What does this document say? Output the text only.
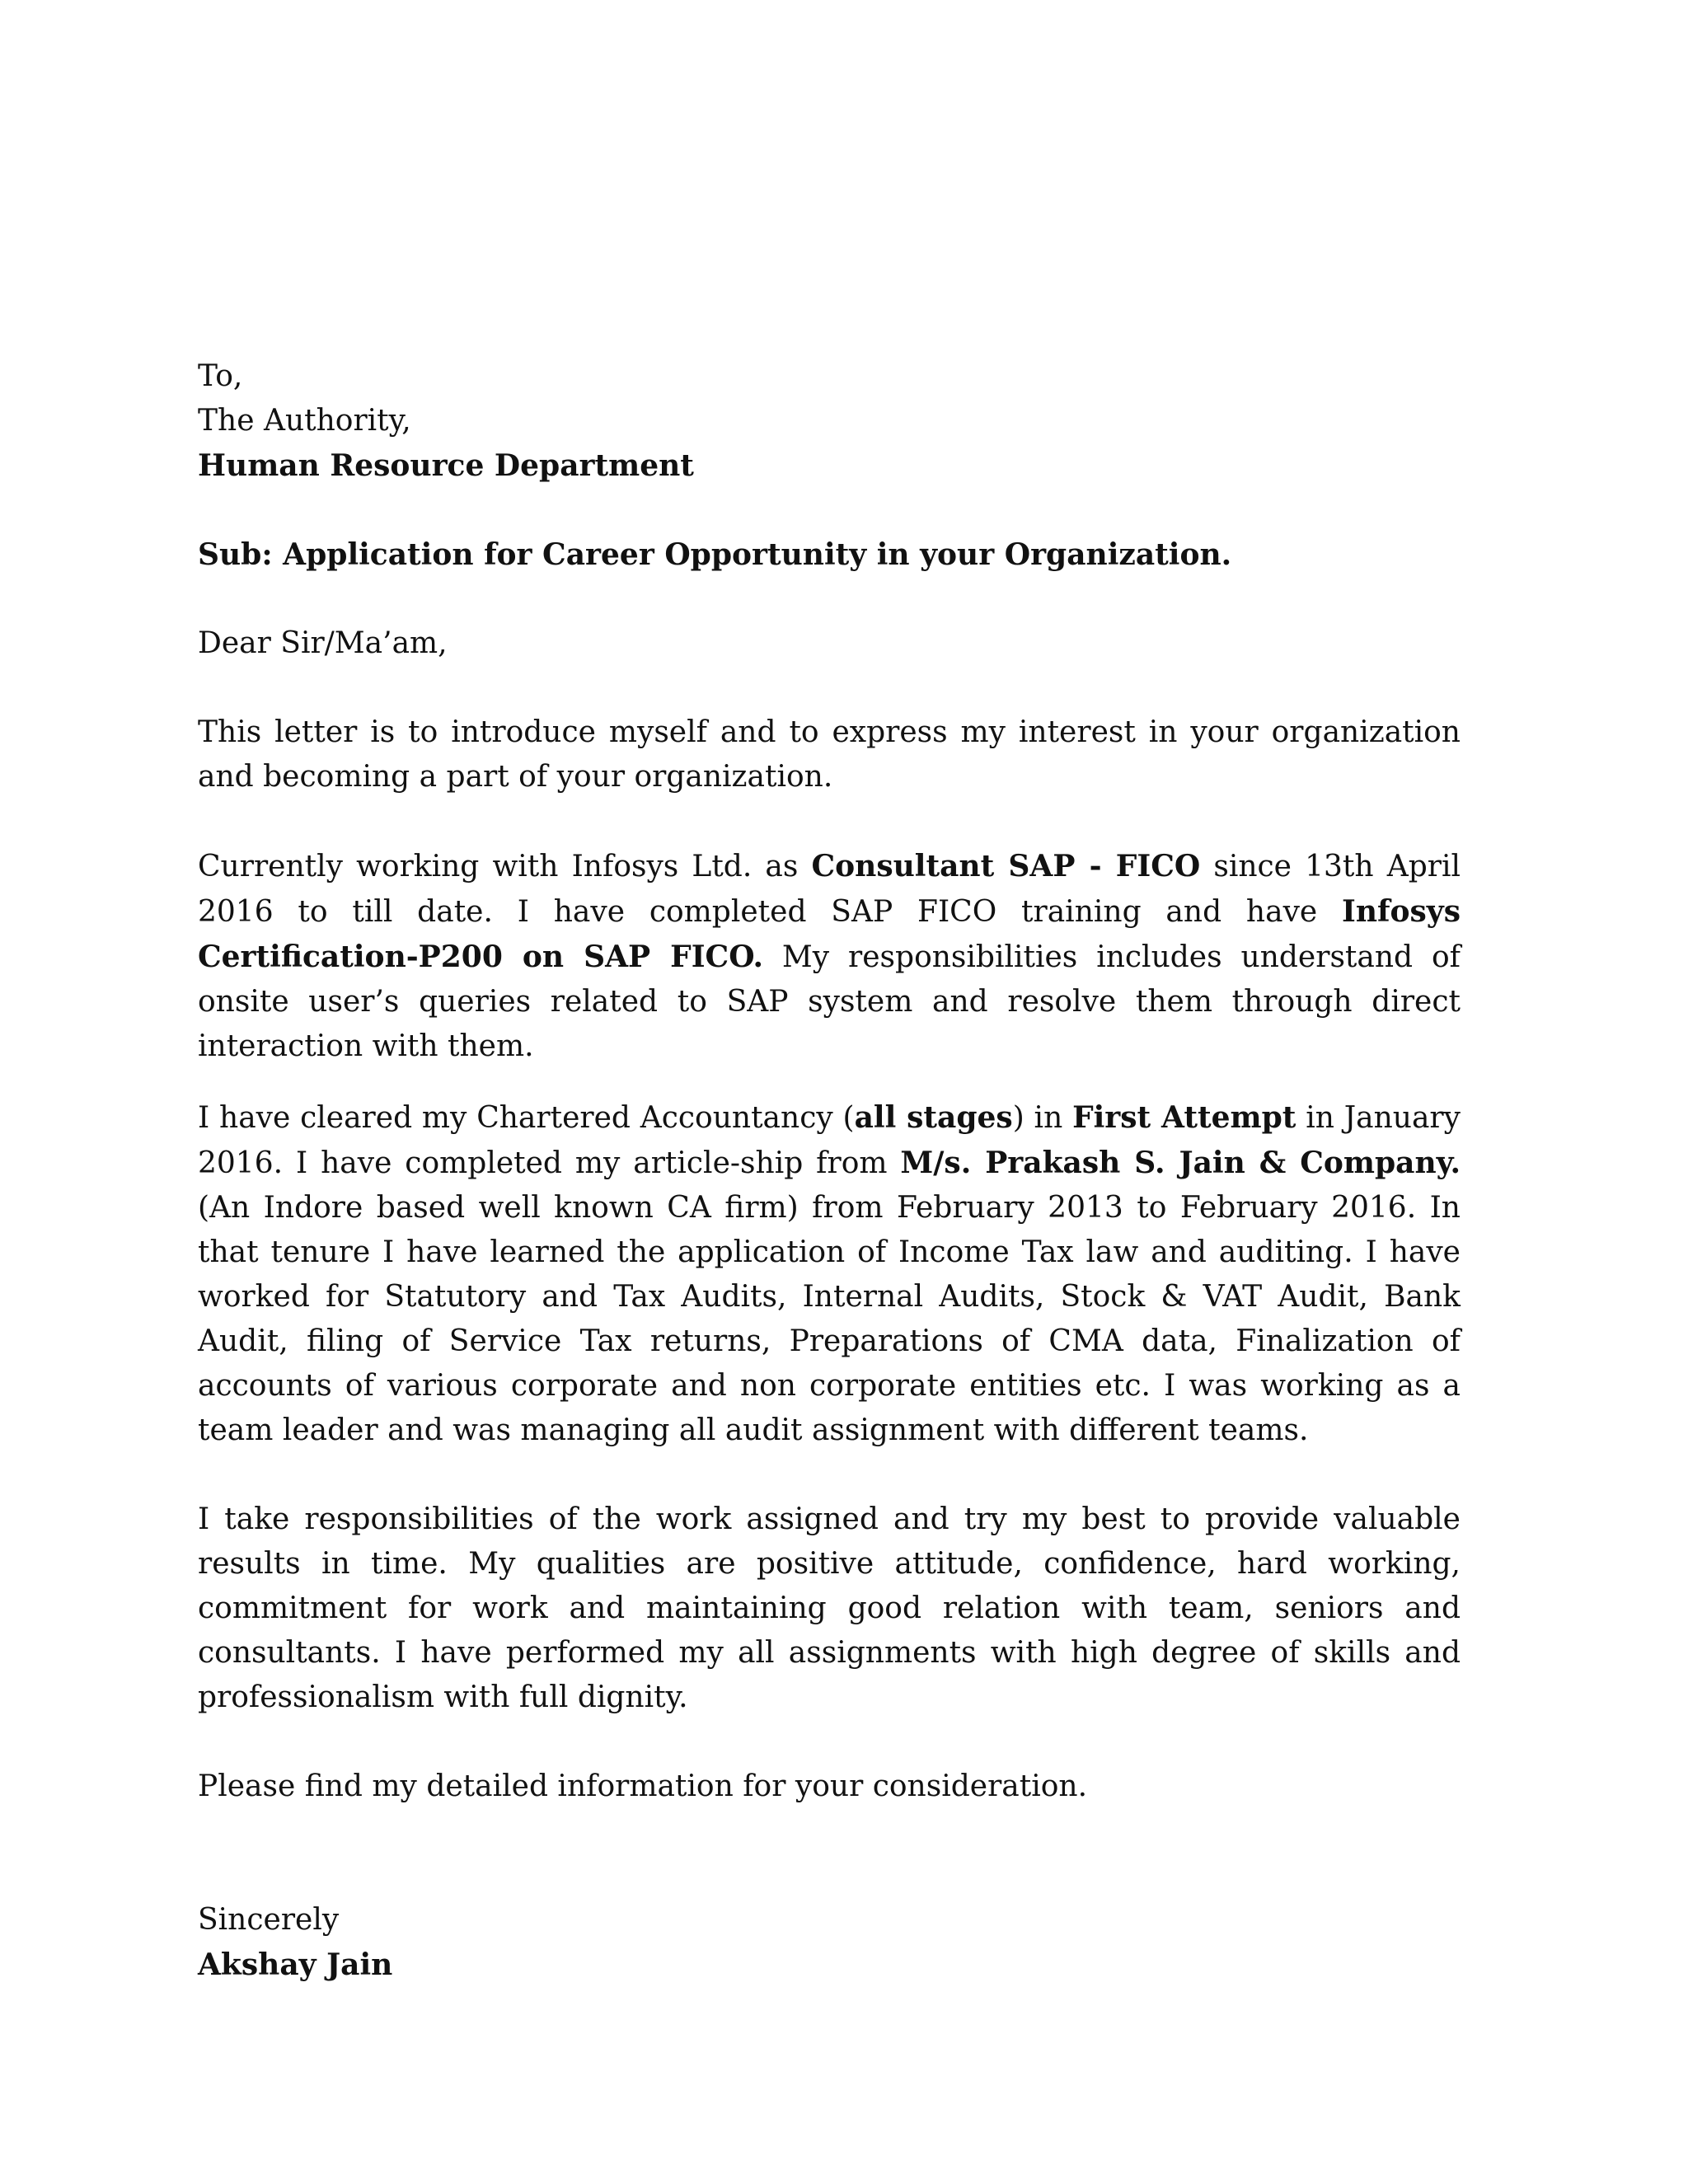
To,

The Authority,

Human Resource Department

Sub: Application for Career Opportunity in your Organization.

Dear Sir/Ma’am,

This letter is to introduce myself and to express my interest in your organization and becoming a part of your organization.

Currently working with Infosys Ltd. as Consultant SAP - FICO since 13th April 2016 to till date. I have completed SAP FICO training and have Infosys Certification-P200 on SAP FICO. My responsibilities includes understand of onsite user’s queries related to SAP system and resolve them through direct interaction with them.

I have cleared my Chartered Accountancy (all stages) in First Attempt in January 2016. I have completed my article-ship from M/s. Prakash S. Jain & Company. (An Indore based well known CA firm) from February 2013 to February 2016. In that tenure I have learned the application of Income Tax law and auditing. I have worked for Statutory and Tax Audits, Internal Audits, Stock & VAT Audit, Bank Audit, filing of Service Tax returns, Preparations of CMA data, Finalization of accounts of various corporate and non corporate entities etc. I was working as a team leader and was managing all audit assignment with different teams.

I take responsibilities of the work assigned and try my best to provide valuable results in time. My qualities are positive attitude, confidence, hard working, commitment for work and maintaining good relation with team, seniors and consultants. I have performed my all assignments with high degree of skills and professionalism with full dignity.

Please find my detailed information for your consideration.

Sincerely

Akshay Jain
